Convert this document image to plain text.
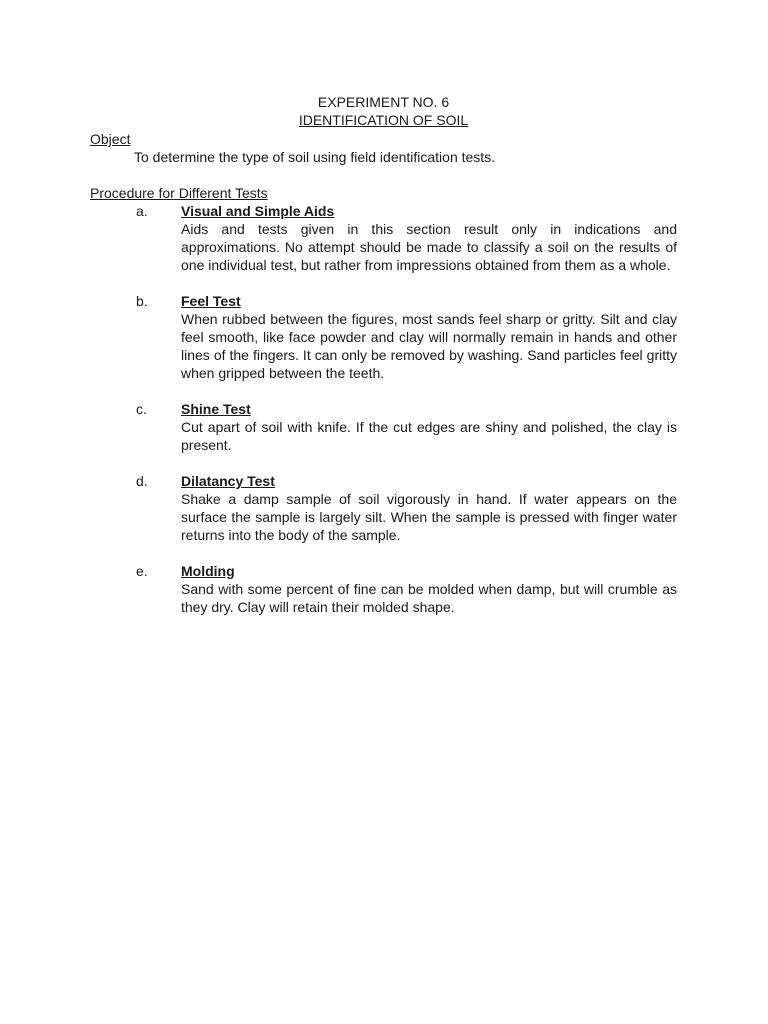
EXPERIMENT NO. 6
IDENTIFICATION OF SOIL

Object

To determine the type of soil using field identification tests.

Procedure for Different Tests

a. Visual and Simple Aids
Aids and tests given in this section result only in indications and approximations. No attempt should be made to classify a soil on the results of one individual test, but rather from impressions obtained from them as a whole.
b. Feel Test
When rubbed between the figures, most sands feel sharp or gritty. Silt and clay feel smooth, like face powder and clay will normally remain in hands and other lines of the fingers. It can only be removed by washing. Sand particles feel gritty when gripped between the teeth.
c. Shine Test
Cut apart of soil with knife. If the cut edges are shiny and polished, the clay is present.
d. Dilatancy Test
Shake a damp sample of soil vigorously in hand. If water appears on the surface the sample is largely silt. When the sample is pressed with finger water returns into the body of the sample.
e. Molding
Sand with some percent of fine can be molded when damp, but will crumble as they dry. Clay will retain their molded shape.
